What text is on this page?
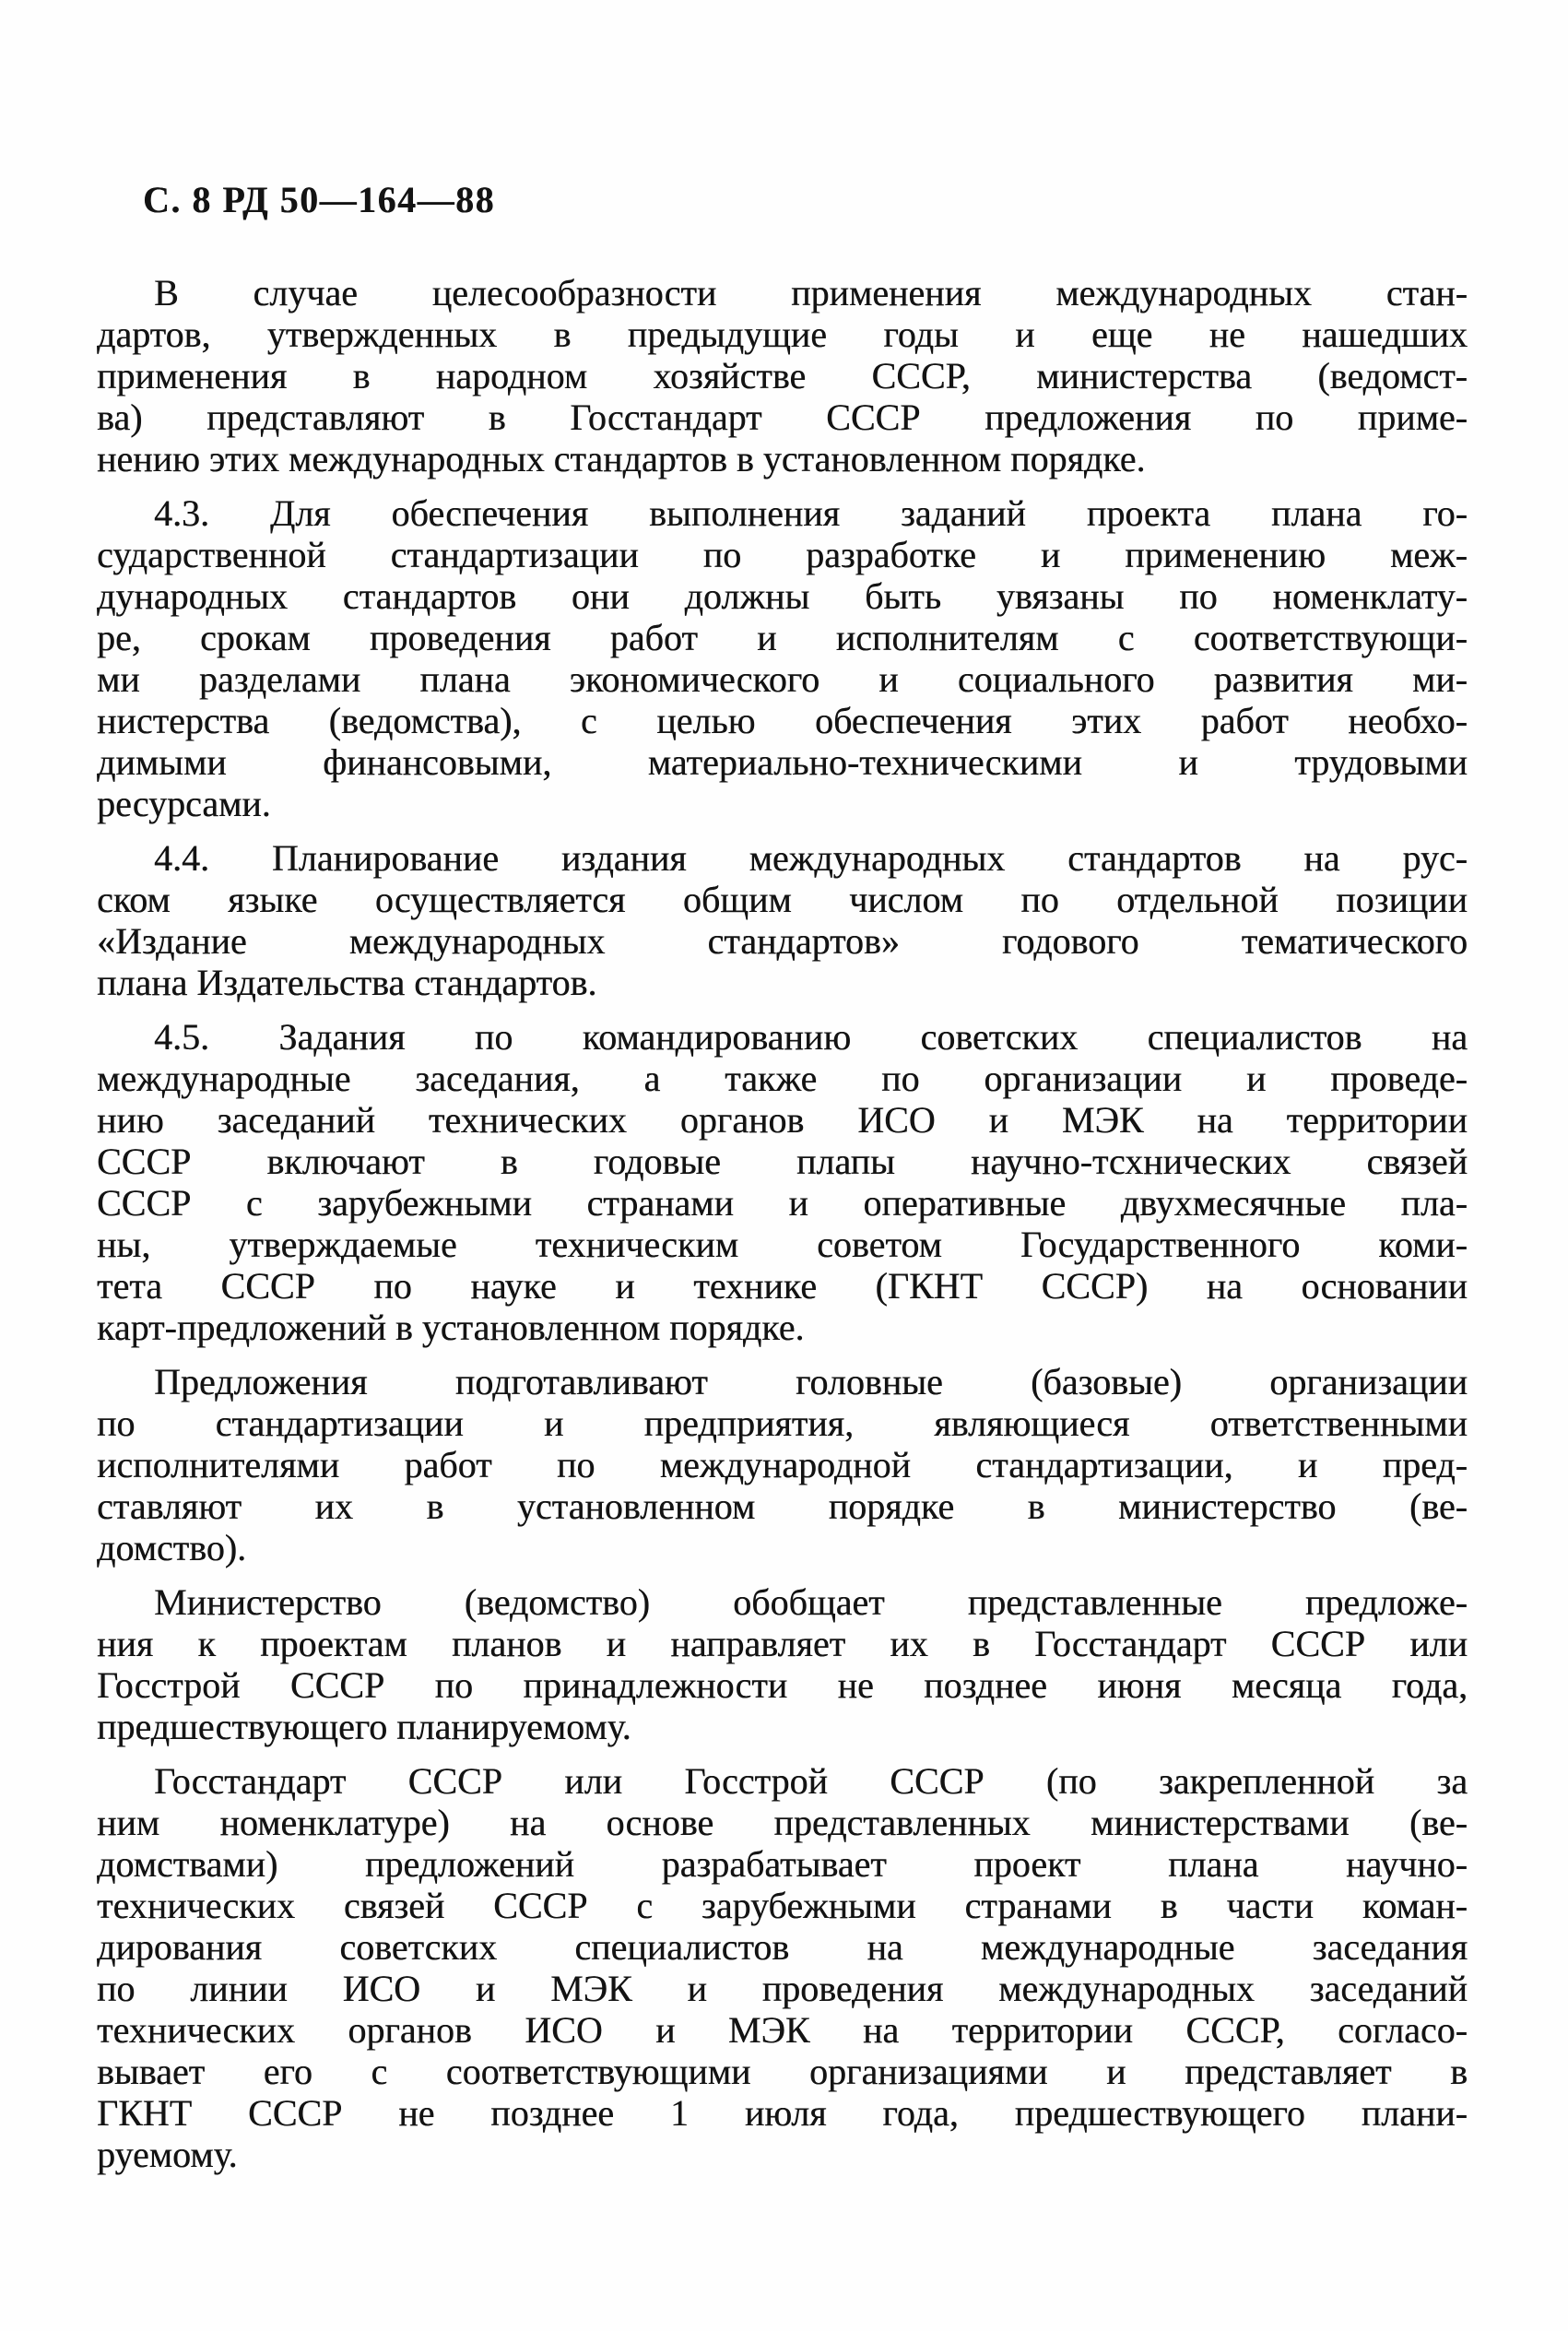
С. 8 РД 50—164—88
В случае целесообразности применения международных стан-
дартов, утвержденных в предыдущие годы и еще не нашедших
применения в народном хозяйстве СССР, министерства (ведомст-
ва) представляют в Госстандарт СССР предложения по приме-
нению этих международных стандартов в установленном порядке.
4.3. Для обеспечения выполнения заданий проекта плана го-
сударственной стандартизации по разработке и применению меж-
дународных стандартов они должны быть увязаны по номенклату-
ре, срокам проведения работ и исполнителям с соответствующи-
ми разделами плана экономического и социального развития ми-
нистерства (ведомства), с целью обеспечения этих работ необхо-
димыми финансовыми, материально-техническими и трудовыми
ресурсами.
4.4. Планирование издания международных стандартов на рус-
ском языке осуществляется общим числом по отдельной позиции
«Издание международных стандартов» годового тематического
плана Издательства стандартов.
4.5. Задания по командированию советских специалистов на
международные заседания, а также по организации и проведе-
нию заседаний технических органов ИСО и МЭК на территории
СССР включают в годовые плапы научно-тсхнических связей
СССР с зарубежными странами и оперативные двухмесячные пла-
ны, утверждаемые техническим советом Государственного коми-
тета СССР по науке и технике (ГКНТ СССР) на основании
карт-предложений в установленном порядке.
Предложения подготавливают головные (базовые) организации
по стандартизации и предприятия, являющиеся ответственными
исполнителями работ по международной стандартизации, и пред-
ставляют их в установленном порядке в министерство (ве-
домство).
Министерство (ведомство) обобщает представленные предложе-
ния к проектам планов и направляет их в Госстандарт СССР или
Госстрой СССР по принадлежности не позднее июня месяца года,
предшествующего планируемому.
Госстандарт СССР или Госстрой СССР (по закрепленной за
ним номенклатуре) на основе представленных министерствами (ве-
домствами) предложений разрабатывает проект плана научно-
технических связей СССР с зарубежными странами в части коман-
дирования советских специалистов на международные заседания
по линии ИСО и МЭК и проведения международных заседаний
технических органов ИСО и МЭК на территории СССР, согласо-
вывает его с соответствующими организациями и представляет в
ГКНТ СССР не позднее 1 июля года, предшествующего плани-
руемому.
